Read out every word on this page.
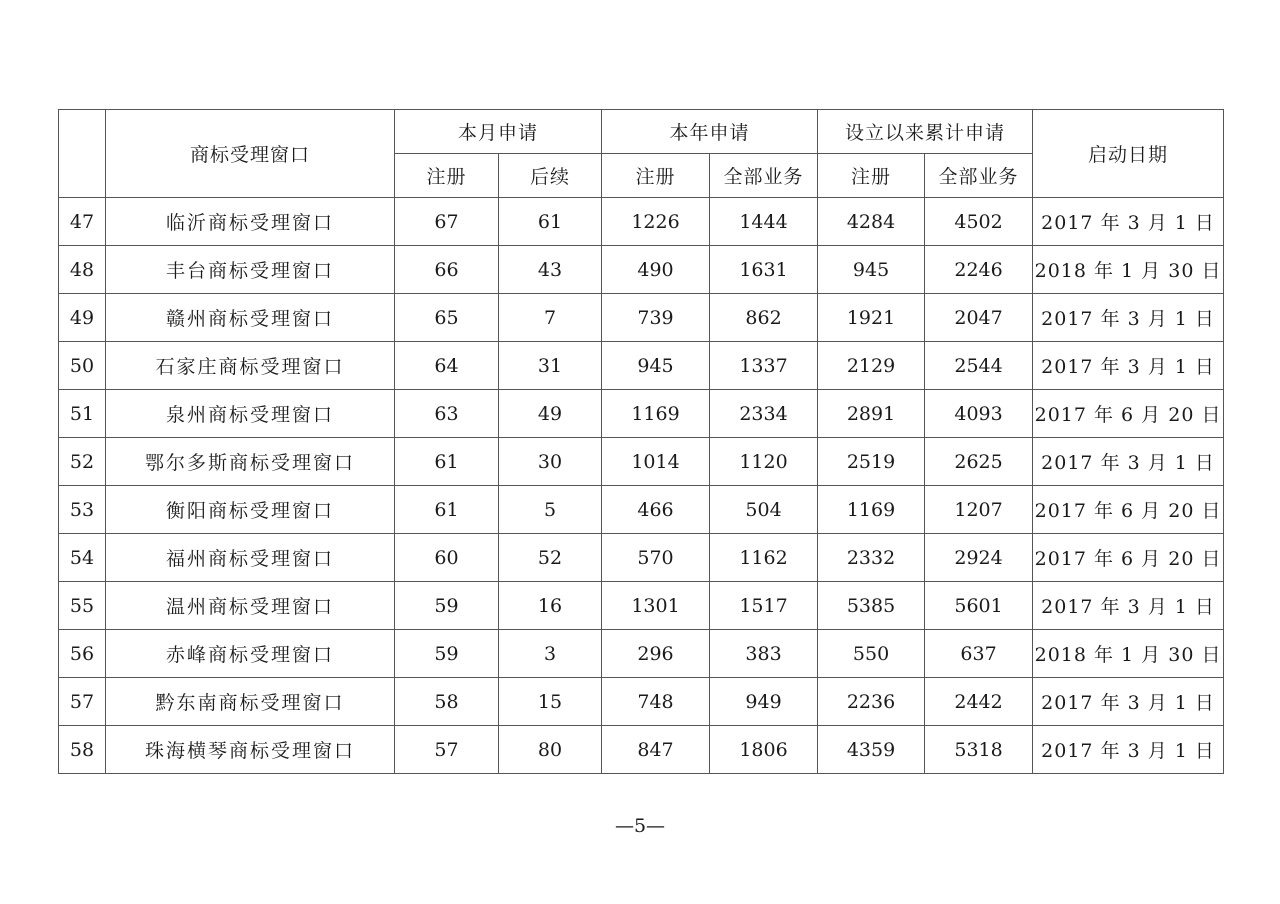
	商标受理窗口	本月申请		本年申请		设立以来累计申请		启动日期
		注册	后续	注册	全部业务	注册	全部业务	
47	临沂商标受理窗口	67	61	1226	1444	4284	4502	2017 年 3 月 1 日
48	丰台商标受理窗口	66	43	490	1631	945	2246	2018 年 1 月 30 日
49	赣州商标受理窗口	65	7	739	862	1921	2047	2017 年 3 月 1 日
50	石家庄商标受理窗口	64	31	945	1337	2129	2544	2017 年 3 月 1 日
51	泉州商标受理窗口	63	49	1169	2334	2891	4093	2017 年 6 月 20 日
52	鄂尔多斯商标受理窗口	61	30	1014	1120	2519	2625	2017 年 3 月 1 日
53	衡阳商标受理窗口	61	5	466	504	1169	1207	2017 年 6 月 20 日
54	福州商标受理窗口	60	52	570	1162	2332	2924	2017 年 6 月 20 日
55	温州商标受理窗口	59	16	1301	1517	5385	5601	2017 年 3 月 1 日
56	赤峰商标受理窗口	59	3	296	383	550	637	2018 年 1 月 30 日
57	黔东南商标受理窗口	58	15	748	949	2236	2442	2017 年 3 月 1 日
58	珠海横琴商标受理窗口	57	80	847	1806	4359	5318	2017 年 3 月 1 日
—5—
